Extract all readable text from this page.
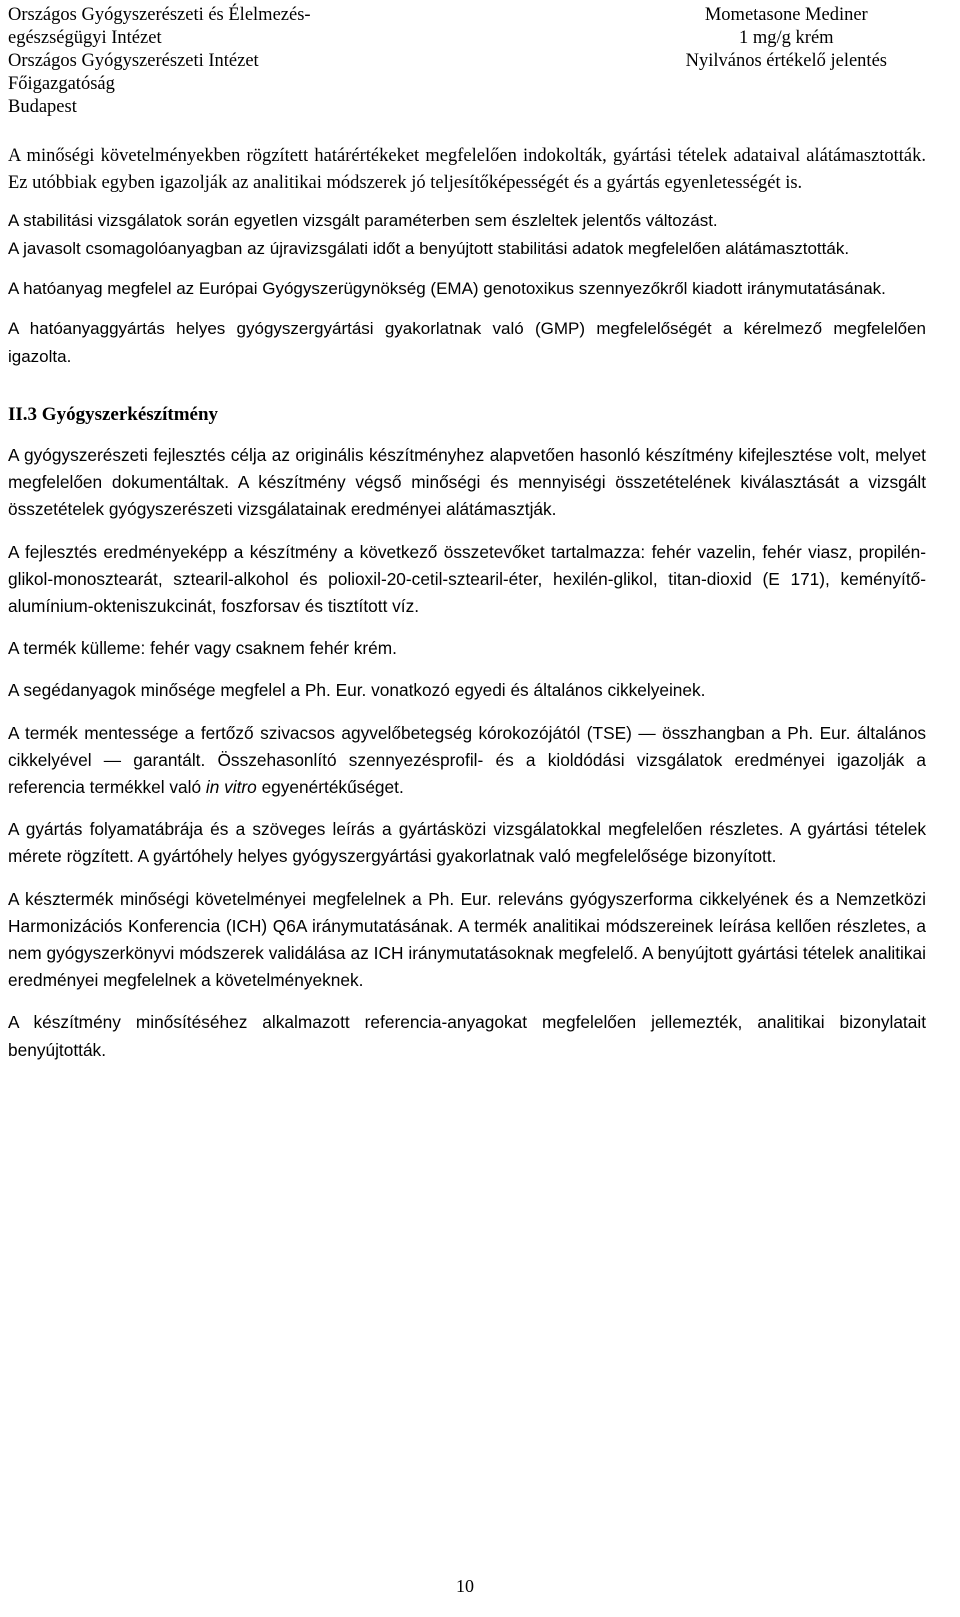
Országos Gyógyszerészeti és Élelmezés-
egészségügyi Intézet
Országos Gyógyszerészeti Intézet
Főigazgatóság
Budapest
Mometasone Mediner
1 mg/g krém
Nyilvános értékelő jelentés

A minőségi követelményekben rögzített határértékeket megfelelően indokolták, gyártási tételek adataival alátámasztották. Ez utóbbiak egyben igazolják az analitikai módszerek jó teljesítőképességét és a gyártás egyenletességét is.

A stabilitási vizsgálatok során egyetlen vizsgált paraméterben sem észleltek jelentős változást.

A javasolt csomagolóanyagban az újravizsgálati időt a benyújtott stabilitási adatok megfelelően alátámasztották.

A hatóanyag megfelel az Európai Gyógyszerügynökség (EMA) genotoxikus szennyezőkről kiadott iránymutatásának.

A hatóanyaggyártás helyes gyógyszergyártási gyakorlatnak való (GMP) megfelelőségét a kérelmező megfelelően igazolta.

II.3 Gyógyszerkészítmény

A gyógyszerészeti fejlesztés célja az originális készítményhez alapvetően hasonló készítmény kifejlesztése volt, melyet megfelelően dokumentáltak. A készítmény végső minőségi és mennyiségi összetételének kiválasztását a vizsgált összetételek gyógyszerészeti vizsgálatainak eredményei alátámasztják.

A fejlesztés eredményeképp a készítmény a következő összetevőket tartalmazza: fehér vazelin, fehér viasz, propilén-glikol-monosztearát, sztearil-alkohol és polioxil-20-cetil-sztearil-éter, hexilén-glikol, titan-dioxid (E 171), keményítő-alumínium-okteniszukcinát, foszforsav és tisztított víz.

A termék külleme: fehér vagy csaknem fehér krém.

A segédanyagok minősége megfelel a Ph. Eur. vonatkozó egyedi és általános cikkelyeinek.

A termék mentessége a fertőző szivacsos agyvelőbetegség kórokozójától (TSE) — összhangban a Ph. Eur. általános cikkelyével — garantált. Összehasonlító szennyezésprofil- és a kioldódási vizsgálatok eredményei igazolják a referencia termékkel való in vitro egyenértékűséget.

A gyártás folyamatábrája és a szöveges leírás a gyártásközi vizsgálatokkal megfelelően részletes. A gyártási tételek mérete rögzített. A gyártóhely helyes gyógyszergyártási gyakorlatnak való megfelelősége bizonyított.

A késztermék minőségi követelményei megfelelnek a Ph. Eur. releváns gyógyszerforma cikkelyének és a Nemzetközi Harmonizációs Konferencia (ICH) Q6A iránymutatásának. A termék analitikai módszereinek leírása kellően részletes, a nem gyógyszerkönyvi módszerek validálása az ICH iránymutatásoknak megfelelő. A benyújtott gyártási tételek analitikai eredményei megfelelnek a követelményeknek.

A készítmény minősítéséhez alkalmazott referencia-anyagokat megfelelően jellemezték, analitikai bizonylatait benyújtották.

10
